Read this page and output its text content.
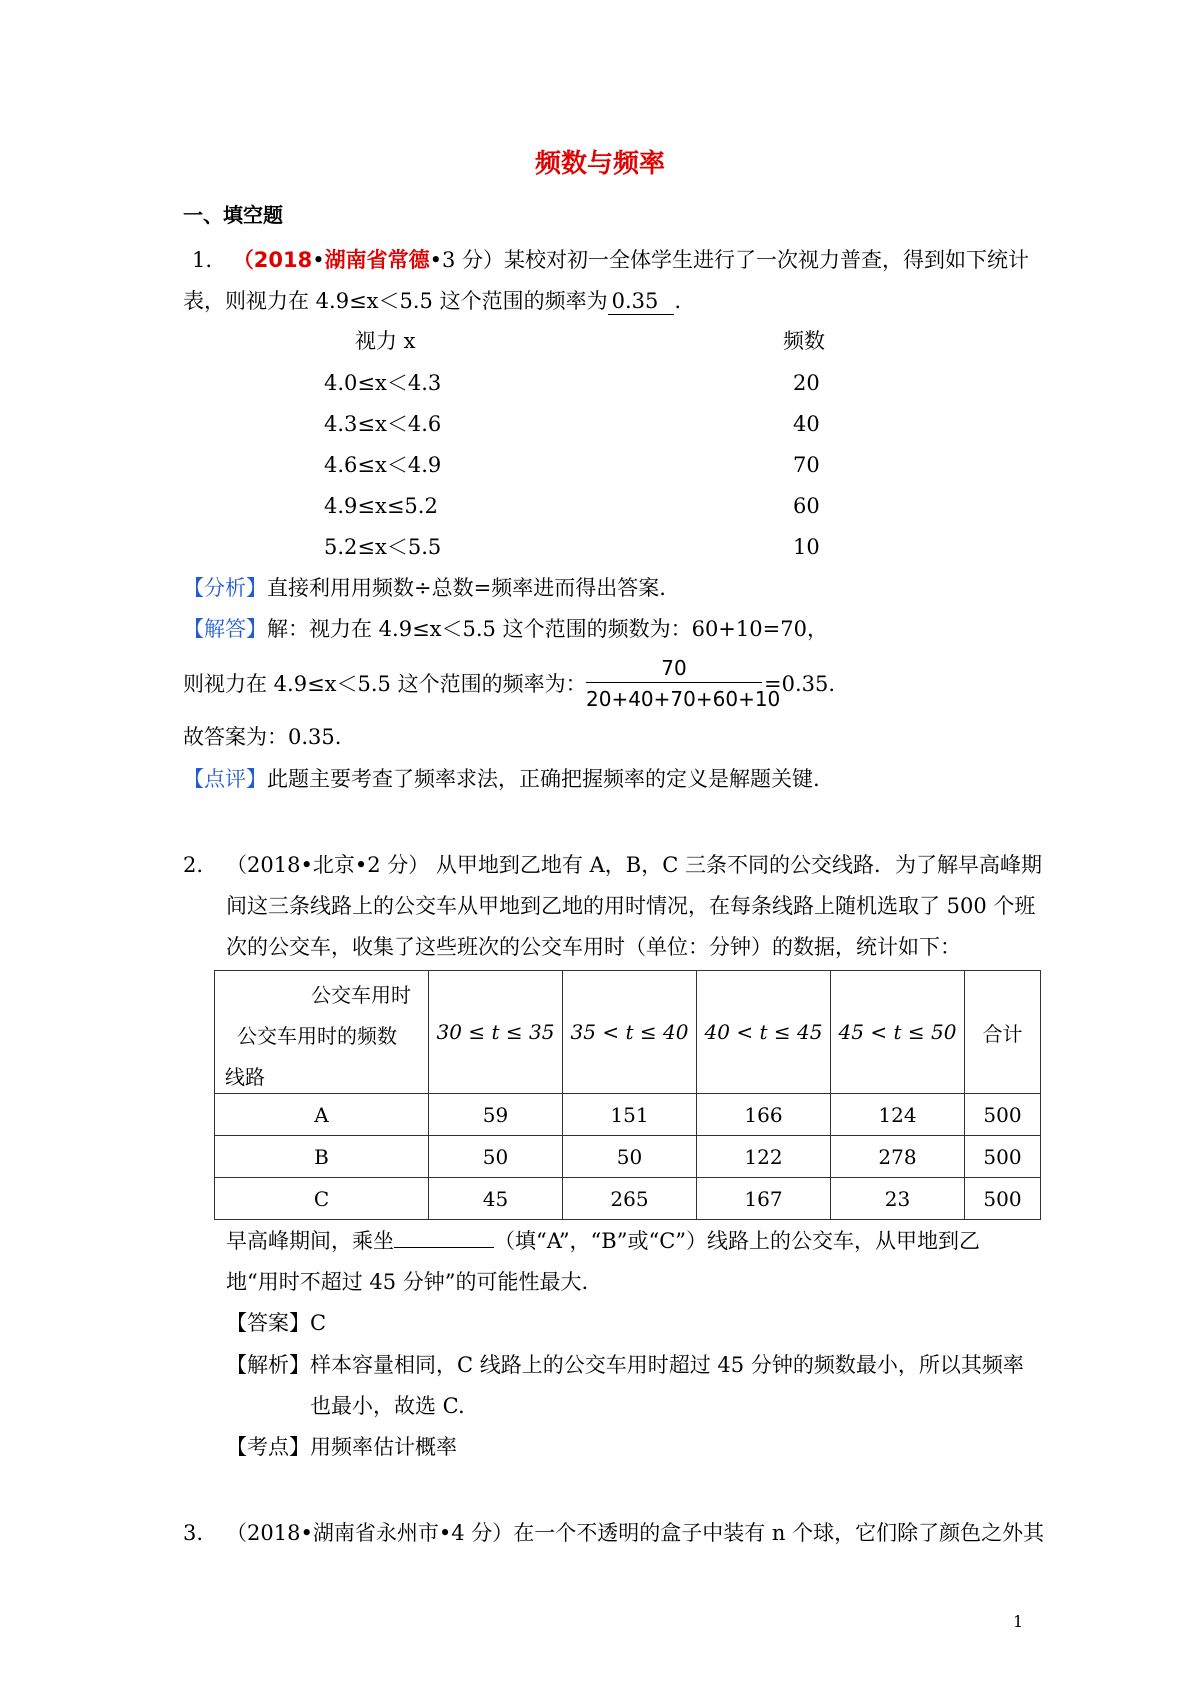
频数与频率
一、填空题
1. （2018•湖南省常德•3 分）某校对初一全体学生进行了一次视力普查，得到如下统计
表，则视力在 4.9≤x＜5.5 这个范围的频率为 0.35 .
视力 x	频数
4.0≤x＜4.3	20
4.3≤x＜4.6	40
4.6≤x＜4.9	70
4.9≤x≤5.2	60
5.2≤x＜5.5	10
【分析】直接利用用频数÷总数=频率进而得出答案.
【解答】解：视力在 4.9≤x＜5.5 这个范围的频数为：60+10=70，
则视力在 4.9≤x＜5.5 这个范围的频率为： $\frac{70}{20+40+70+60+10} =0.35$.
故答案为：0.35.
【点评】此题主要考查了频率求法，正确把握频率的定义是解题关键.
2. （2018•北京•2 分） 从甲地到乙地有 A，B，C 三条不同的公交线路．为了解早高峰期
间这三条线路上的公交车从甲地到乙地的用时情况，在每条线路上随机选取了 500 个班
次的公交车，收集了这些班次的公交车用时（单位：分钟）的数据，统计如下：
公交车用时
公交车用时的频数
线路	30 ≤ t ≤ 35	35 < t ≤ 40	40 < t ≤ 45	45 < t ≤ 50	合计
A	59	151	166	124	500
B	50	50	122	278	500
C	45	265	167	23	500
早高峰期间，乘坐	（填“A”，“B”或“C”）线路上的公交车，从甲地到乙
地“用时不超过 45 分钟”的可能性最大.
【答案】C
【解析】样本容量相同，C 线路上的公交车用时超过 45 分钟的频数最小，所以其频率
也最小，故选 C.
【考点】用频率估计概率
3. （2018•湖南省永州市•4 分）在一个不透明的盒子中装有 n 个球，它们除了颜色之外其
1
